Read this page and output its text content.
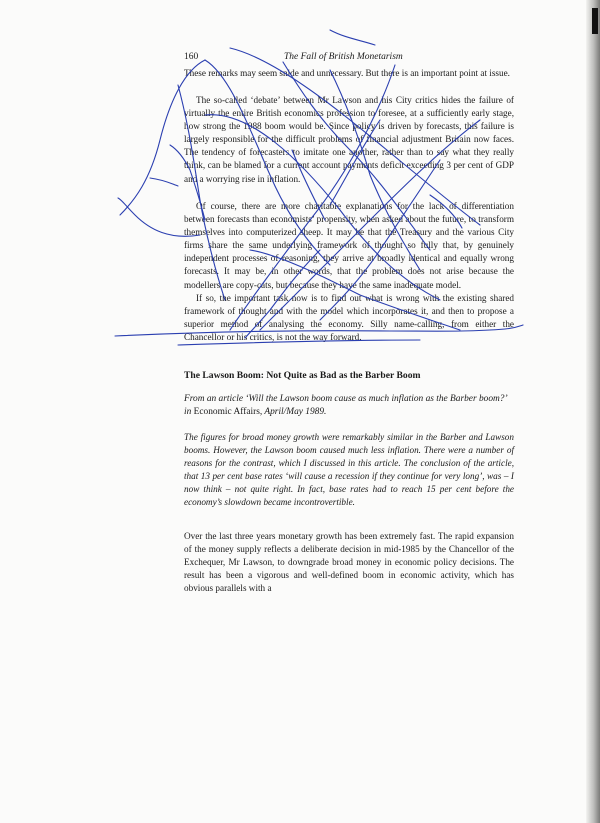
160	The Fall of British Monetarism

These remarks may seem snide and unnecessary. But there is an important point at issue.

The so-called ‘debate’ between Mr Lawson and his City critics hides the failure of virtually the entire British economics profession to foresee, at a sufficiently early stage, how strong the 1988 boom would be. Since policy is driven by forecasts, this failure is largely responsible for the difficult problems of financial adjustment Britain now faces. The tendency of forecasters to imitate one another, rather than to say what they really think, can be blamed for a current account payments deficit exceeding 3 per cent of GDP and a worrying rise in inflation.

Of course, there are more charitable explanations for the lack of differentiation between forecasts than economists’ propensity, when asked about the future, to transform themselves into computerized sheep. It may be that the Treasury and the various City firms share the same underlying framework of thought so fully that, by genuinely independent processes of reasoning, they arrive at broadly identical and equally wrong forecasts. It may be, in other words, that the problem does not arise because the modellers are copy-cats, but because they have the same inadequate model.

If so, the important task now is to find out what is wrong with the existing shared framework of thought and with the model which incorporates it, and then to propose a superior method of analysing the economy. Silly name-calling, from either the Chancellor or his critics, is not the way forward.

The Lawson Boom: Not Quite as Bad as the Barber Boom

From an article ‘Will the Lawson boom cause as much inflation as the Barber boom?’ in Economic Affairs, April/May 1989.

The figures for broad money growth were remarkably similar in the Barber and Lawson booms. However, the Lawson boom caused much less inflation. There were a number of reasons for the contrast, which I discussed in this article. The conclusion of the article, that 13 per cent base rates ‘will cause a recession if they continue for very long’, was – I now think – not quite right. In fact, base rates had to reach 15 per cent before the economy’s slowdown became incontrovertible.

Over the last three years monetary growth has been extremely fast. The rapid expansion of the money supply reflects a deliberate decision in mid-1985 by the Chancellor of the Exchequer, Mr Lawson, to downgrade broad money in economic policy decisions. The result has been a vigorous and well-defined boom in economic activity, which has obvious parallels with a
